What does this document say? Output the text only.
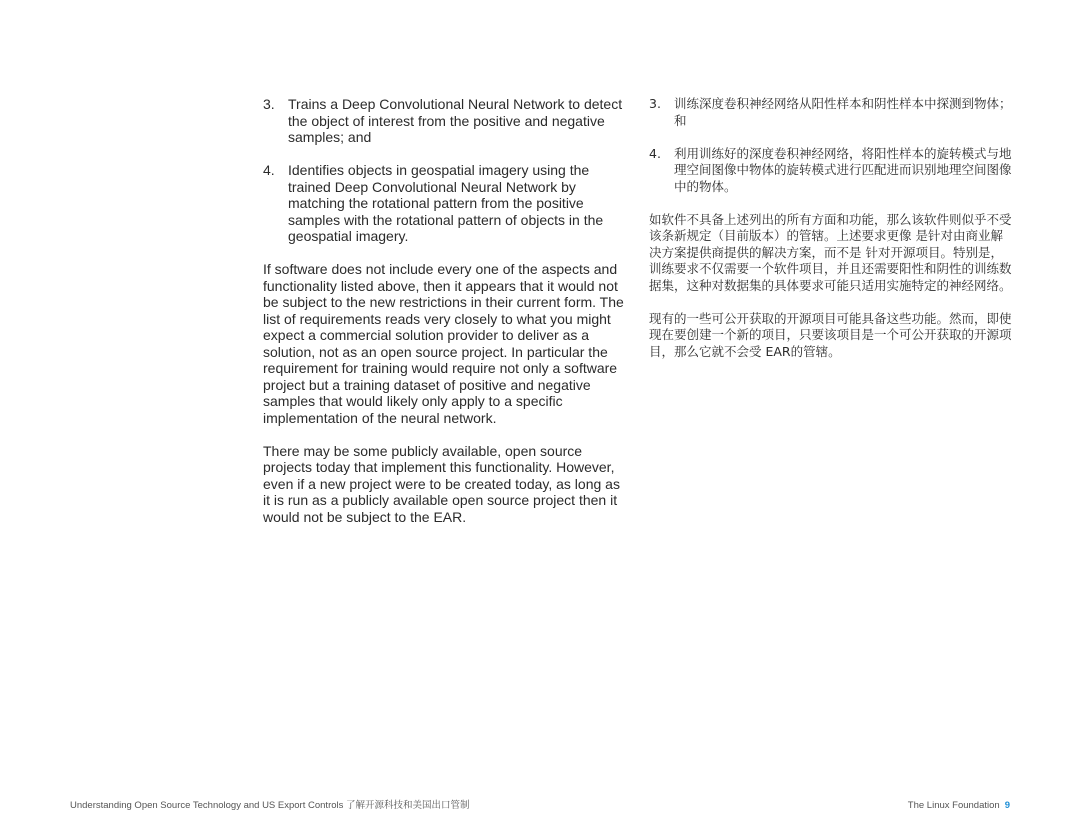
3. Trains a Deep Convolutional Neural Network to detect the object of interest from the positive and negative samples; and
4. Identifies objects in geospatial imagery using the trained Deep Convolutional Neural Network by matching the rotational pattern from the positive samples with the rotational pattern of objects in the geospatial imagery.

If software does not include every one of the aspects and functionality listed above, then it appears that it would not be subject to the new restrictions in their current form. The list of requirements reads very closely to what you might expect a commercial solution provider to deliver as a solution, not as an open source project. In particular the requirement for training would require not only a software project but a training dataset of positive and negative samples that would likely only apply to a specific implementation of the neural network.

There may be some publicly available, open source projects today that implement this functionality. However, even if a new project were to be created today, as long as it is run as a publicly available open source project then it would not be subject to the EAR.

3.	训练深度卷积神经网络从阳性样本和阴性样本中探测到物体；和
4.	利用训练好的深度卷积神经网络，将阳性样本的旋转模式与地理空间图像中物体的旋转模式进行匹配进而识别地理空间图像中的物体。

如软件不具备上述列出的所有方面和功能，那么该软件则似乎不受 该条新规定（目前版本）的管辖。上述要求更像 是针对由商业解决方案提供商提供的解决方案，而不是 针对开源项目。特别是，训练要求不仅需要一个软件项目，并且还需要阳性和阴性的训练数据集，这种对数据集的具体要求可能只适用实施特定的神经网络。

现有的一些可公开获取的开源项目可能具备这些功能。然而，即使现在要创建一个新的项目，只要该项目是一个可公开获取的开源项目，那么它就不会受 EAR的管辖。

Understanding Open Source Technology and US Export Controls 了解开源科技和美国出口管制	The Linux Foundation 9
